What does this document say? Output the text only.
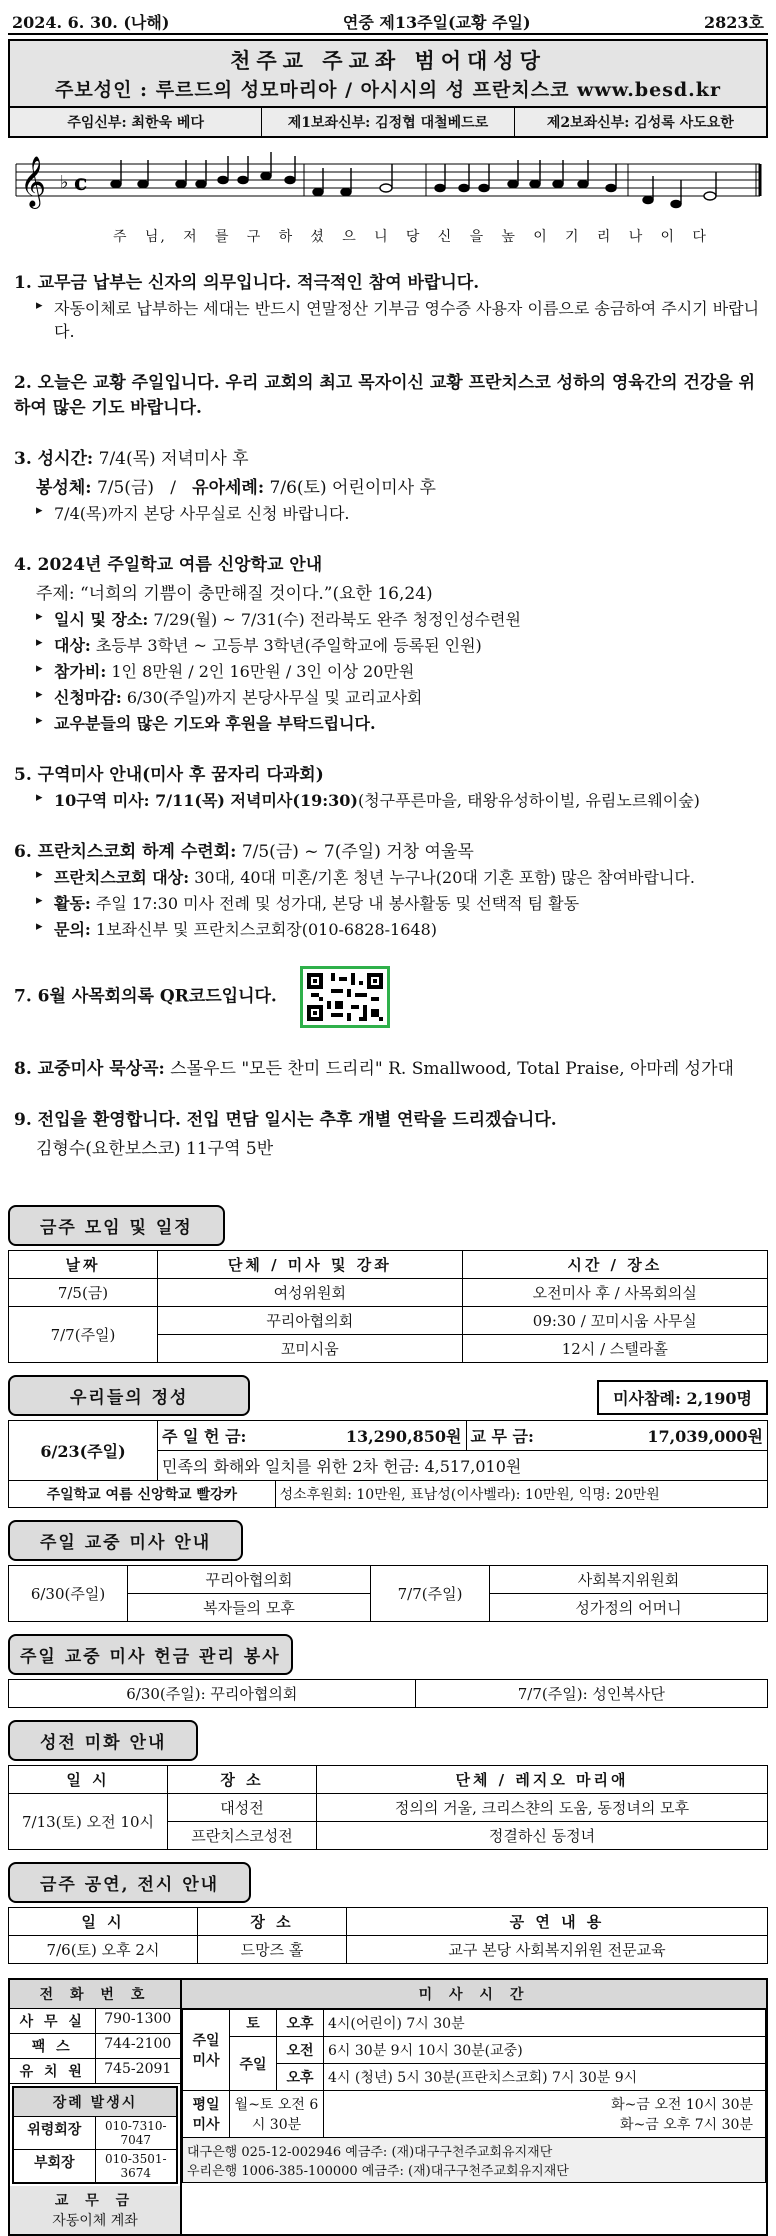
2024. 6. 30. (나해)	연중 제13주일(교황 주일)	2823호
천주교 주교좌 범어대성당
주보성인 : 루르드의 성모마리아 / 아시시의 성 프란치스코 www.besd.kr
주임신부: 최한욱 베다	제1보좌신부: 김정협 대철베드로	제2보좌신부: 김성록 사도요한
𝄞 ♭ c
주 님, 저 를 구 하 셨 으 니 당 신 을 높 이 기 리 나 이 다
1. 교무금 납부는 신자의 의무입니다. 적극적인 참여 바랍니다.
▸ 자동이체로 납부하는 세대는 반드시 연말정산 기부금 영수증 사용자 이름으로 송금하여 주시기 바랍니다.
2. 오늘은 교황 주일입니다. 우리 교회의 최고 목자이신 교황 프란치스코 성하의 영육간의 건강을 위하여 많은 기도 바랍니다.
3. 성시간: 7/4(목) 저녁미사 후
봉성체: 7/5(금)   /   유아세례: 7/6(토) 어린이미사 후
▸ 7/4(목)까지 본당 사무실로 신청 바랍니다.
4. 2024년 주일학교 여름 신앙학교 안내
주제: “너희의 기쁨이 충만해질 것이다.”(요한 16,24)
▸ 일시 및 장소: 7/29(월) ~ 7/31(수) 전라북도 완주 청정인성수련원
▸ 대상: 초등부 3학년 ~ 고등부 3학년(주일학교에 등록된 인원)
▸ 참가비: 1인 8만원 / 2인 16만원 / 3인 이상 20만원
▸ 신청마감: 6/30(주일)까지 본당사무실 및 교리교사회
▸ 교우분들의 많은 기도와 후원을 부탁드립니다.
5. 구역미사 안내(미사 후 꿈자리 다과회)
▸ 10구역 미사: 7/11(목) 저녁미사(19:30)(청구푸른마을, 태왕유성하이빌, 유림노르웨이숲)
6. 프란치스코회 하계 수련회: 7/5(금) ~ 7(주일) 거창 여울목
▸ 프란치스코회 대상: 30대, 40대 미혼/기혼 청년 누구나(20대 기혼 포함) 많은 참여바랍니다.
▸ 활동: 주일 17:30 미사 전례 및 성가대, 본당 내 봉사활동 및 선택적 팀 활동
▸ 문의: 1보좌신부 및 프란치스코회장(010-6828-1648)
7. 6월 사목회의록 QR코드입니다.
8. 교중미사 묵상곡: 스몰우드 "모든 찬미 드리리" R. Smallwood, Total Praise, 아마레 성가대
9. 전입을 환영합니다. 전입 면담 일시는 추후 개별 연락을 드리겠습니다.
김형수(요한보스코) 11구역 5반
금주 모임 및 일정
날짜	단체 / 미사 및 강좌	시간 / 장소
7/5(금)	여성위원회	오전미사 후 / 사목회의실
7/7(주일)	꾸리아협의회	09:30 / 꼬미시움 사무실
	꼬미시움	12시 / 스텔라홀
우리들의 정성	미사참례: 2,190명
6/23(주일)	주 일 헌 금:	13,290,850원	교 무 금:	17,039,000원
	민족의 화해와 일치를 위한 2차 헌금: 4,517,010원			
주일학교 여름 신앙학교 빨강카		성소후원회: 10만원, 표남성(이사벨라): 10만원, 익명: 20만원		
주일 교중 미사 안내
6/30(주일)	꾸리아협의회	7/7(주일)	사회복지위원회
	복자들의 모후		성가정의 어머니
주일 교중 미사 헌금 관리 봉사
6/30(주일): 꾸리아협의회	7/7(주일): 성인복사단
성전 미화 안내
일 시	장 소	단체 / 레지오 마리애
7/13(토) 오전 10시	대성전	정의의 거울, 크리스챤의 도움, 동정녀의 모후
	프란치스코성전	정결하신 동정녀
금주 공연, 전시 안내
일 시	장 소	공 연 내 용
7/6(토) 오후 2시	드망즈 홀	교구 본당 사회복지위원 전문교육
전 화 번 호
사 무 실	790-1300
팩 스	744-2100
유 치 원	745-2091
장례 발생시
위령회장	010-7310-7047
부회장	010-3501-3674
교 무 금
자동이체 계좌
미 사 시 간
주일 미사	토	오후	4시(어린이) 7시 30분
	주일	오전	6시 30분 9시 10시 30분(교중)
		오후	4시 (청년) 5시 30분(프란치스코회) 7시 30분 9시
평일 미사	월~토 오전 6시 30분		화~금 오전 10시 30분
화~금 오후 7시 30분

대구은행 025-12-002946 예금주: (재)대구구천주교회유지재단
우리은행 1006-385-100000 예금주: (재)대구구천주교회유지재단			
